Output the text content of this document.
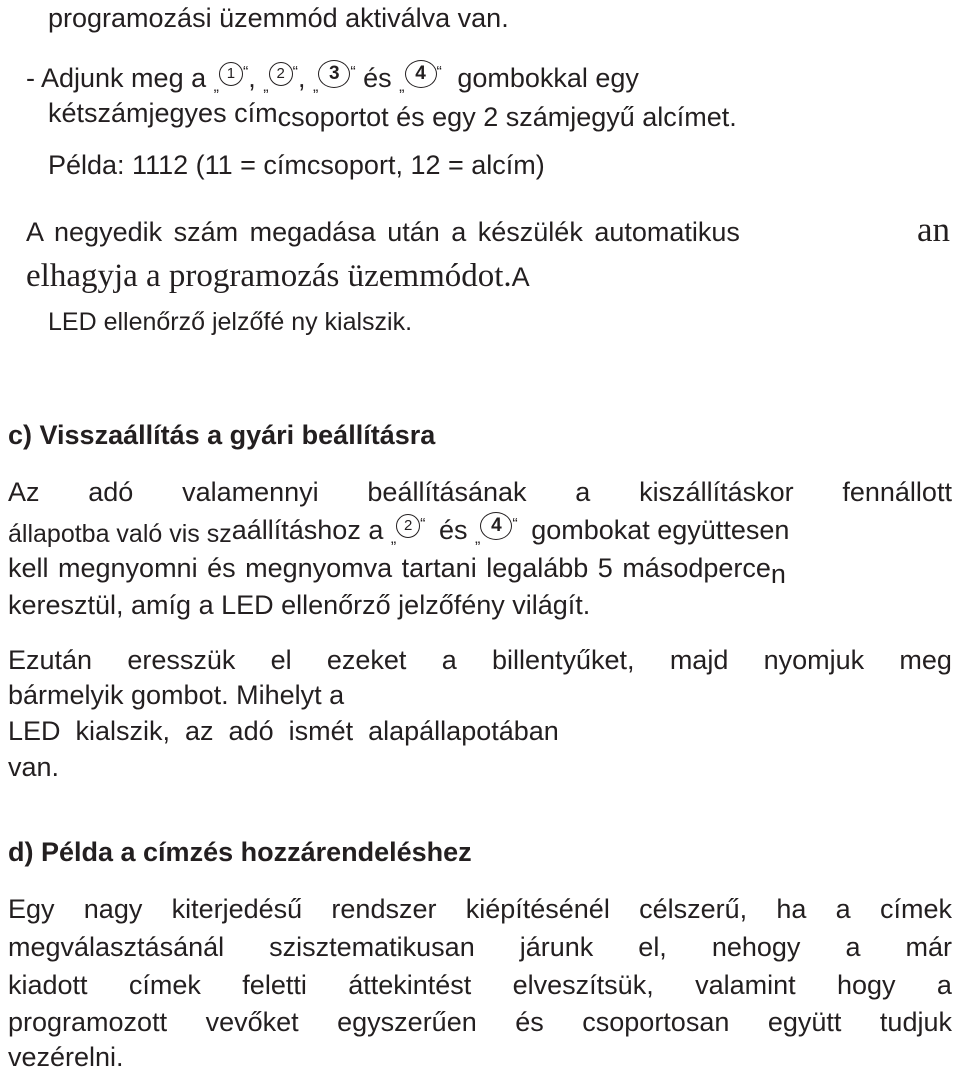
programozási üzemmód aktiválva van.

- Adjunk meg a „1 “, „2 “, „3 “ és „4 “ gombokkal egy

kétszámjegyes címcsoportot és egy 2 számjegyű alcímet.

Példa: 1112 (11 = címcsoport, 12 = alcím)

A negyedik szám megadása után a készülék automatikus	an

elhagyja a programozás üzemmódot.A

LED ellenőrző jelzőfé ny kialszik.

c) Visszaállítás a gyári beállításra

Az adó valamennyi beállításának a kiszállításkor fennállott

állapotba való vis szaállításhoz a „2 “ és „4 “ gombokat együttesen

kell megnyomni és megnyomva tartani legalább 5 másodpercen

keresztül, amíg a LED ellenőrző jelzőfény világít.

Ezután eresszük el ezeket a billentyűket, majd nyomjuk meg

bármelyik gombot. Mihelyt a

LED  kialszik,  az  adó  ismét  alapállapotában

van.

d) Példa a címzés hozzárendeléshez

Egy nagy kiterjedésű rendszer kiépítésénél célszerű, ha a címek

megválasztásánál szisztematikusan járunk el, nehogy a már

kiadott címek feletti áttekintést elveszítsük, valamint hogy a

programozott vevőket egyszerűen és csoportosan együtt tudjuk

vezérelni.
